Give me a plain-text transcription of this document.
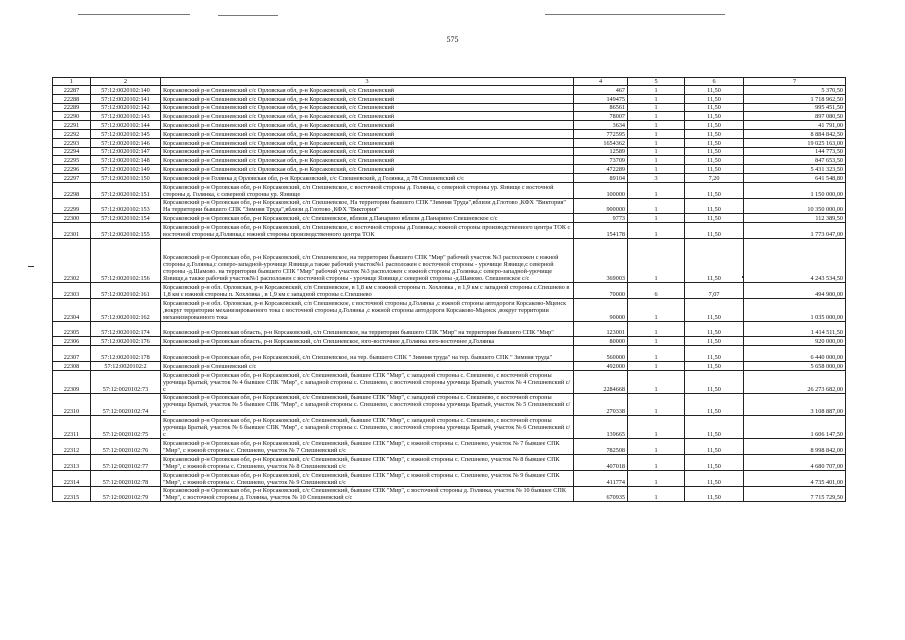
575
1	2	3	4	5	6	7
22287	57:12:0020102:140	Корсаковский р-н Спешневский с/с Орловская обл, р-н Корсаковский, с/с Спешневский	467	1	11,50	5 370,50
22288	57:12:0020102:141	Корсаковский р-н Спешневский с/с Орловская обл, р-н Корсаковский, с/с Спешневский	149475	1	11,50	1 718 962,50
22289	57:12:0020102:142	Корсаковский р-н Спешневский с/с Орловская обл, р-н Корсаковский, с/с Спешневский	86561	1	11,50	995 451,50
22290	57:12:0020102:143	Корсаковский р-н Спешневский с/с Орловская обл, р-н Корсаковский, с/с Спешневский	78007	1	11,50	897 080,50
22291	57:12:0020102:144	Корсаковский р-н Спешневский с/с Орловская обл, р-н Корсаковский, с/с Спешневский	3634	1	11,50	41 791,00
22292	57:12:0020102:145	Корсаковский р-н Спешневский с/с Орловская обл, р-н Корсаковский, с/с Спешневский	772595	1	11,50	8 884 842,50
22293	57:12:0020102:146	Корсаковский р-н Спешневский с/с Орловская обл, р-н Корсаковский, с/с Спешневский	1654362	1	11,50	19 025 163,00
22294	57:12:0020102:147	Корсаковский р-н Спешневский с/с Орловская обл, р-н Корсаковский, с/с Спешневский	12589	1	11,50	144 773,50
22295	57:12:0020102:148	Корсаковский р-н Спешневский с/с Орловская обл, р-н Корсаковский, с/с Спешневский	73709	1	11,50	847 653,50
22296	57:12:0020102:149	Корсаковский р-н Спешневский с/с Орловская обл, р-н Корсаковский, с/с Спешневский	472289	1	11,50	5 431 323,50
22297	57:12:0020102:150	Корсаковский р-н Голянка д Орловская обл, р-н Корсаковский, с/с Спешневский, д Голянка, д 78 Спешневский с/с	89104	3	7,20	641 548,80
22298	57:12:0020102:151	Корсаковский р-н Орловская обл, р-н Корсаковский, с/п Спешневское, с восточной стороны д. Голянка, с северной стороны ур. Язвище с восточной стороны д. Голянка, с северной стороны ур. Язвище	100000	1	11,50	1 150 000,00
22299	57:12:0020102:153	Корсаковский р-н Орловская обл, р-н Корсаковский, с/п Спешневское, На территории бывшего СПК "Зимняя Труда",вблизи д.Глотово ,КФХ "Виктория" На территории бывшего СПК "Зимняя Труда",вблизи д.Глотово ,КФХ "Виктория"	900000	1	11,50	10 350 000,00
22300	57:12:0020102:154	Корсаковский р-н Орловская обл, р-н Корсаковский, с/с Спешневское, вблизи д.Панарино вблизи д.Панарино Спешневское с/с	9773	1	11,50	112 389,50
22301	57:12:0020102:155	Корсаковский р-н Орловская обл, р-н Корсаковский, с/п Спешневское, с восточной стороны д.Голянка,с южной стороны производственного центра ТОК с восточной стороны д.Голянка,с южной стороны производственного центра ТОК	154178	1	11,50	1 773 047,00
22302	57:12:0020102:156	Корсаковский р-н Орловская обл, р-н Корсаковский, с/п Спешневское, на территории бывшего СПК "Мир" рабочий участок №3 расположен с южной стороны д.Голянка,с северо-западной-урочище Язвище,а также рабочий участок№1 расположен с восточной стороны - урочище Язвище,с северной стороны -д.Шамово. на территории бывшего СПК "Мир" рабочий участок №3 расположен с южной стороны д.Голянка,с северо-западной-урочище Язвище,а также рабочий участок№1 расположен с восточной стороны - урочище Язвище,с северной стороны -д.Шамово. Спешневское с/с	369003	1	11,50	4 243 534,50
22303	57:12:0020102:161	Корсаковский р-н обл. Орловская, р-н Корсаковский, с/п Спешневское, в 1,8 км с южной стороны п. Хохловка , в 1,9 км с западной стороны с.Спешнево в 1,8 км с южной стороны п. Хохловка , в 1,9 км с западной стороны с.Спешнево	70000	6	7,07	494 900,00
22304	57:12:0020102:162	Корсаковский р-н обл. Орловская, р-н Корсаковский, с/п Спешневское, с восточной стороны д.Голянка ,с южной стороны автодороги Корсаково-Мценск ,вокруг территории механизированного тока с восточной стороны д.Голянка ,с южной стороны автодороги Корсаково-Мценск ,вокруг территории механизированного тока	90000	1	11,50	1 035 000,00
22305	57:12:0020102:174	Корсаковский р-н Орловская область, р-н Корсаковский, с/п Спешневское, на территории бывшего СПК "Мир" на территории бывшего СПК "Мир"	123001	1	11,50	1 414 511,50
22306	57:12:0020102:176	Корсаковский р-н Орловская область, р-н Корсаковский, с/п Спешневское, юго-восточнее д.Голянка юго-восточнее д.Голянка	80000	1	11,50	920 000,00
22307	57:12:0020102:178	Корсаковский р-н Орловская обл, р-н Корсаковский, с/п Спешневское, на тер. бывшего СПК " Зимняя труда" на тер. бывшего СПК " Зимняя труда"	560000	1	11,50	6 440 000,00
22308	57:12:0020102:2	Корсаковский р-н Спешневский с/с	492000	1	11,50	5 658 000,00
22309	57:12:0020102:73	Корсаковский р-н Орловская обл, р-н Корсаковский, с/с Спешневский, бывшее СПК "Мир", с западной стороны с. Спешнево, с восточной стороны урочища Братый, участок № 4 бывшее СПК "Мир", с западной стороны с. Спешнево, с восточной стороны урочища Братый, участок № 4 Спешневский с/с	2284668	1	11,50	26 273 682,00
22310	57:12:0020102:74	Корсаковский р-н Орловская обл, р-н Корсаковский, с/с Спешневский, бывшее СПК "Мир", с западной стороны с. Спешнево, с восточной стороны урочища Братый, участок № 5 бывшее СПК "Мир", с западной стороны с. Спешнево, с восточной стороны урочища Братый, участок № 5 Спешневский с/с	270338	1	11,50	3 108 887,00
22311	57:12:0020102:75	Корсаковский р-н Орловская обл, р-н Корсаковский, с/с Спешневский, бывшее СПК "Мир", с западной стороны с. Спешнево, с восточной стороны урочища Братый, участок № 6 бывшее СПК "Мир", с западной стороны с. Спешнево, с восточной стороны урочища Братый, участок № 6 Спешневский с/с	139665	1	11,50	1 606 147,50
22312	57:12:0020102:76	Корсаковский р-н Орловская обл, р-н Корсаковский, с/с Спешневский, бывшее СПК "Мир", с южной стороны с. Спешнево, участок № 7 бывшее СПК "Мир", с южной стороны с. Спешнево, участок № 7 Спешневский с/с	782508	1	11,50	8 998 842,00
22313	57:12:0020102:77	Корсаковский р-н Орловская обл, р-н Корсаковский, с/с Спешневский, бывшее СПК "Мир", с южной стороны с. Спешнево, участок № 8 бывшее СПК "Мир", с южной стороны с. Спешнево, участок № 8 Спешневский с/с	407018	1	11,50	4 680 707,00
22314	57:12:0020102:78	Корсаковский р-н Орловская обл, р-н Корсаковский, с/с Спешневский, бывшее СПК "Мир", с южной стороны с. Спешнево, участок № 9 бывшее СПК "Мир", с южной стороны с. Спешнево, участок № 9 Спешневский с/с	411774	1	11,50	4 735 401,00
22315	57:12:0020102:79	Корсаковский р-н Орловская обл, р-н Корсаковский, с/с Спешневский, бывшее СПК "Мир", с восточной стороны д. Голянка, участок № 10 бывшее СПК "Мир", с восточной стороны д. Голянка, участок № 10 Спешневский с/с	670935	1	11,50	7 715 729,50
